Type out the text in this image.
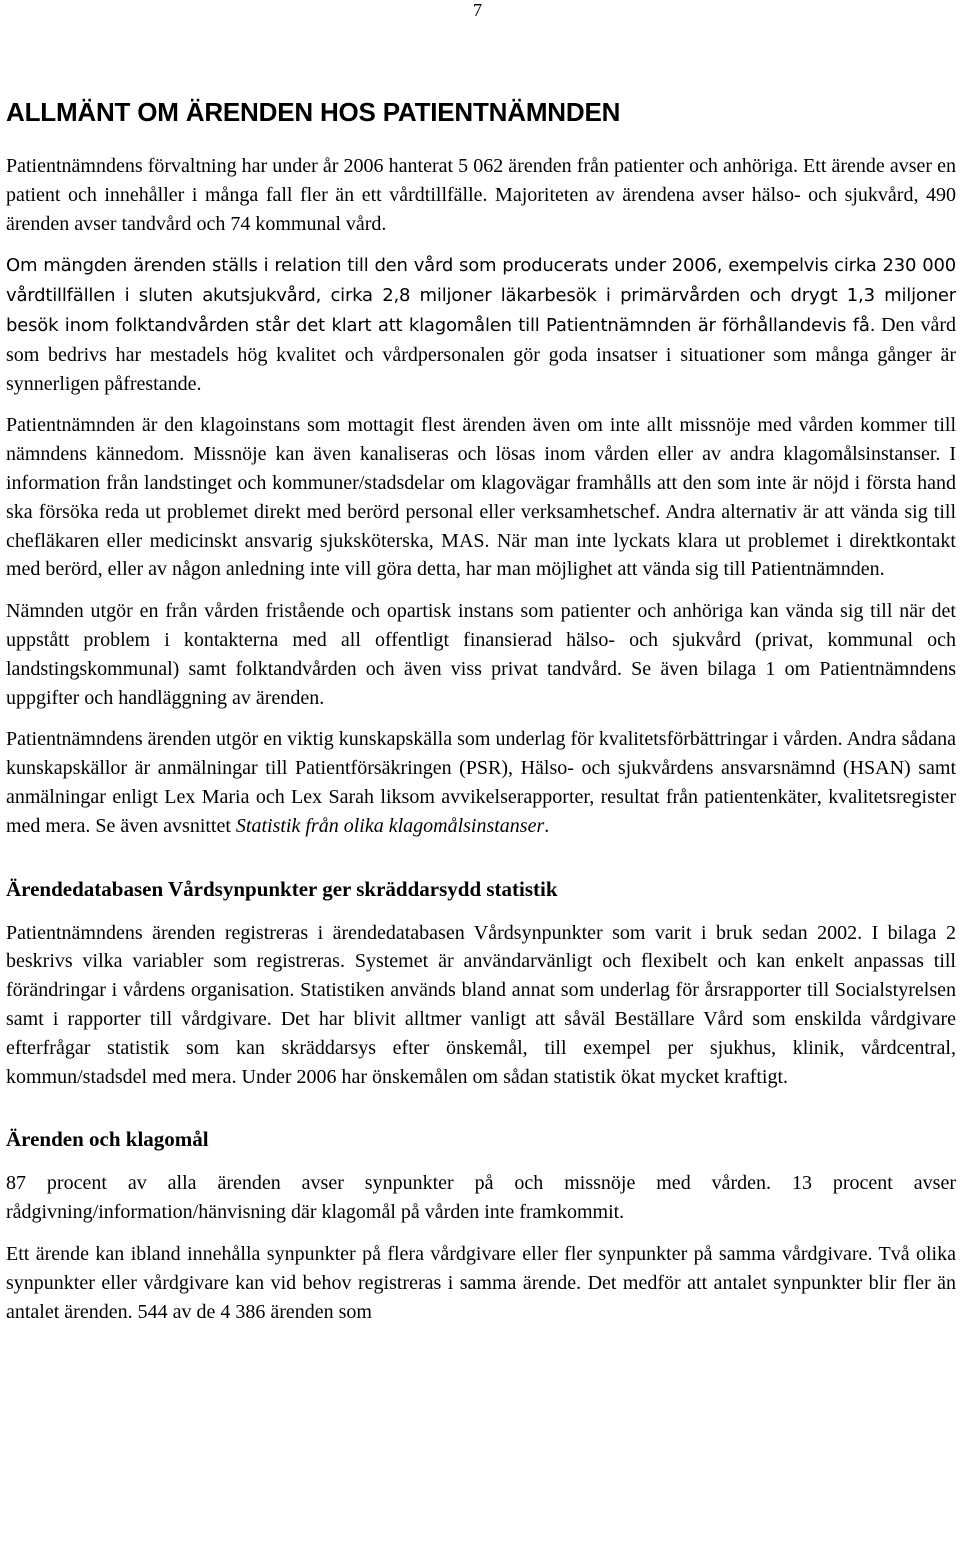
7
ALLMÄNT OM ÄRENDEN HOS PATIENTNÄMNDEN

Patientnämndens förvaltning har under år 2006 hanterat 5 062 ärenden från patienter och anhöriga. Ett ärende avser en patient och innehåller i många fall fler än ett vårdtillfälle. Majoriteten av ärendena avser hälso- och sjukvård, 490 ärenden avser tandvård och 74 kommunal vård.

Om mängden ärenden ställs i relation till den vård som producerats under 2006, exempelvis cirka 230 000 vårdtillfällen i sluten akutsjukvård, cirka 2,8 miljoner läkarbesök i primärvården och drygt 1,3 miljoner besök inom folktandvården står det klart att klagomålen till Patientnämnden är förhållandevis få. Den vård som bedrivs har mestadels hög kvalitet och vårdpersonalen gör goda insatser i situationer som många gånger är synnerligen påfrestande.

Patientnämnden är den klagoinstans som mottagit flest ärenden även om inte allt missnöje med vården kommer till nämndens kännedom. Missnöje kan även kanaliseras och lösas inom vården eller av andra klagomålsinstanser. I information från landstinget och kommuner/stadsdelar om klagovägar framhålls att den som inte är nöjd i första hand ska försöka reda ut problemet direkt med berörd personal eller verksamhetschef. Andra alternativ är att vända sig till chefläkaren eller medicinskt ansvarig sjuksköterska, MAS. När man inte lyckats klara ut problemet i direktkontakt med berörd, eller av någon anledning inte vill göra detta, har man möjlighet att vända sig till Patientnämnden.

Nämnden utgör en från vården fristående och opartisk instans som patienter och anhöriga kan vända sig till när det uppstått problem i kontakterna med all offentligt finansierad hälso- och sjukvård (privat, kommunal och landstingskommunal) samt folktandvården och även viss privat tandvård. Se även bilaga 1 om Patientnämndens uppgifter och handläggning av ärenden.

Patientnämndens ärenden utgör en viktig kunskapskälla som underlag för kvalitetsförbättringar i vården. Andra sådana kunskapskällor är anmälningar till Patientförsäkringen (PSR), Hälso- och sjukvårdens ansvarsnämnd (HSAN) samt anmälningar enligt Lex Maria och Lex Sarah liksom avvikelserapporter, resultat från patientenkäter, kvalitetsregister med mera. Se även avsnittet Statistik från olika klagomålsinstanser.

Ärendedatabasen Vårdsynpunkter ger skräddarsydd statistik

Patientnämndens ärenden registreras i ärendedatabasen Vårdsynpunkter som varit i bruk sedan 2002. I bilaga 2 beskrivs vilka variabler som registreras. Systemet är användarvänligt och flexibelt och kan enkelt anpassas till förändringar i vårdens organisation. Statistiken används bland annat som underlag för årsrapporter till Socialstyrelsen samt i rapporter till vårdgivare. Det har blivit alltmer vanligt att såväl Beställare Vård som enskilda vårdgivare efterfrågar statistik som kan skräddarsys efter önskemål, till exempel per sjukhus, klinik, vårdcentral, kommun/stadsdel med mera. Under 2006 har önskemålen om sådan statistik ökat mycket kraftigt.

Ärenden och klagomål

87 procent av alla ärenden avser synpunkter på och missnöje med vården. 13 procent avser rådgivning/information/hänvisning där klagomål på vården inte framkommit.

Ett ärende kan ibland innehålla synpunkter på flera vårdgivare eller fler synpunkter på samma vårdgivare. Två olika synpunkter eller vårdgivare kan vid behov registreras i samma ärende. Det medför att antalet synpunkter blir fler än antalet ärenden. 544 av de 4 386 ärenden som
